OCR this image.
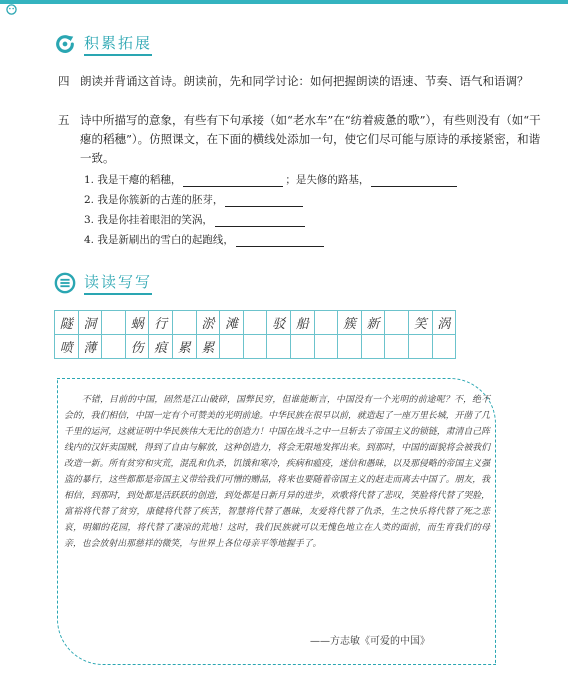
积累拓展
四 朗读并背诵这首诗。朗读前，先和同学讨论：如何把握朗读的语速、节奏、语气和语调？
五 诗中所描写的意象，有些有下句承接（如“老水车”在“纺着疲惫的歌”），有些则没有（如“干瘪的稻穗”）。仿照课文，在下面的横线处添加一句，使它们尽可能与原诗的承接紧密，和谐一致。
1. 我是干瘪的稻穗，	；是失修的路基，
2. 我是你簇新的古莲的胚芽，
3. 我是你挂着眼泪的笑涡，
4. 我是新刷出的雪白的起跑线，
读读写写
隧	洞		蜗	行		淤	滩		驳	船		簇	新		笑	涡
喷	薄		伤	痕	累	累										

不错，目前的中国，固然是江山破碎，国弊民穷，但谁能断言，中国没有一个光明的前途呢？不，绝不会的，我们相信，中国一定有个可赞美的光明前途。中华民族在很早以前，就造起了一座万里长城，开凿了几千里的运河，这就证明中华民族伟大无比的创造力！中国在战斗之中一旦斩去了帝国主义的锁链，肃清自己阵线内的汉奸卖国贼，得到了自由与解放，这种创造力，将会无限地发挥出来。到那时，中国的面貌将会被我们改造一新。所有贫穷和灾荒，混乱和仇杀，饥饿和寒冷，疾病和瘟疫，迷信和愚昧，以及那侵略的帝国主义强盗的暴行，这些都都是帝国主义带给我们可憎的赠品，将来也要随着帝国主义的赶走而离去中国了。朋友，我相信，到那时，到处都是活跃跃的创造，到处都是日新月异的进步，欢歌将代替了悲叹，笑脸将代替了哭脸，富裕将代替了贫穷，康健将代替了疾苦，智慧将代替了愚昧，友爱将代替了仇杀，生之快乐将代替了死之悲哀，明媚的花园，将代替了凄凉的荒地！这时，我们民族就可以无愧色地立在人类的面前，而生育我们的母亲，也会放射出那慈祥的微笑，与世界上各位母亲平等地握手了。

——方志敏《可爱的中国》
